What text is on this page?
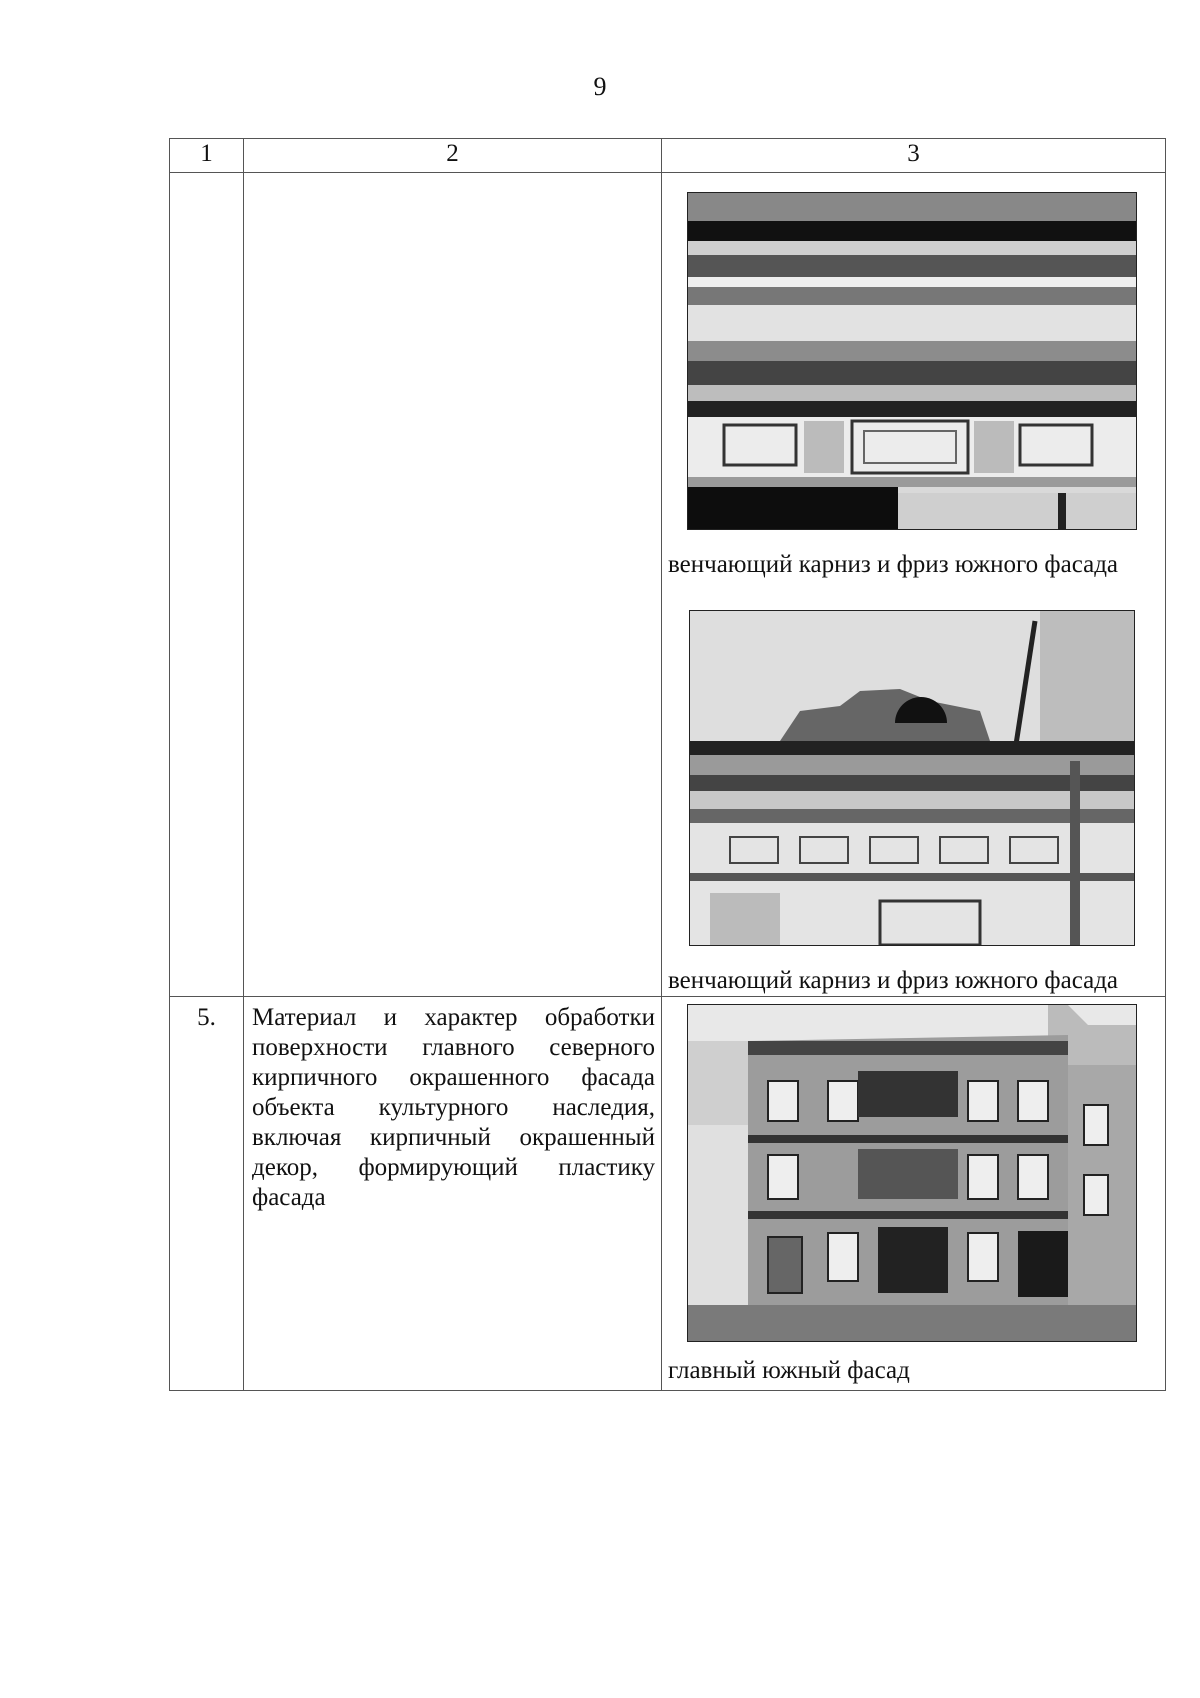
9
1	2	3

		венчающий карниз и фриз южного фасада

венчающий карниз и фриз южного фасада

5.	Материал и характер обработки поверхности главного северного кирпичного окрашенного фасада объекта культурного наследия, включая кирпичный окрашенный декор, формирующий пластику фасада	главный южный фасад
